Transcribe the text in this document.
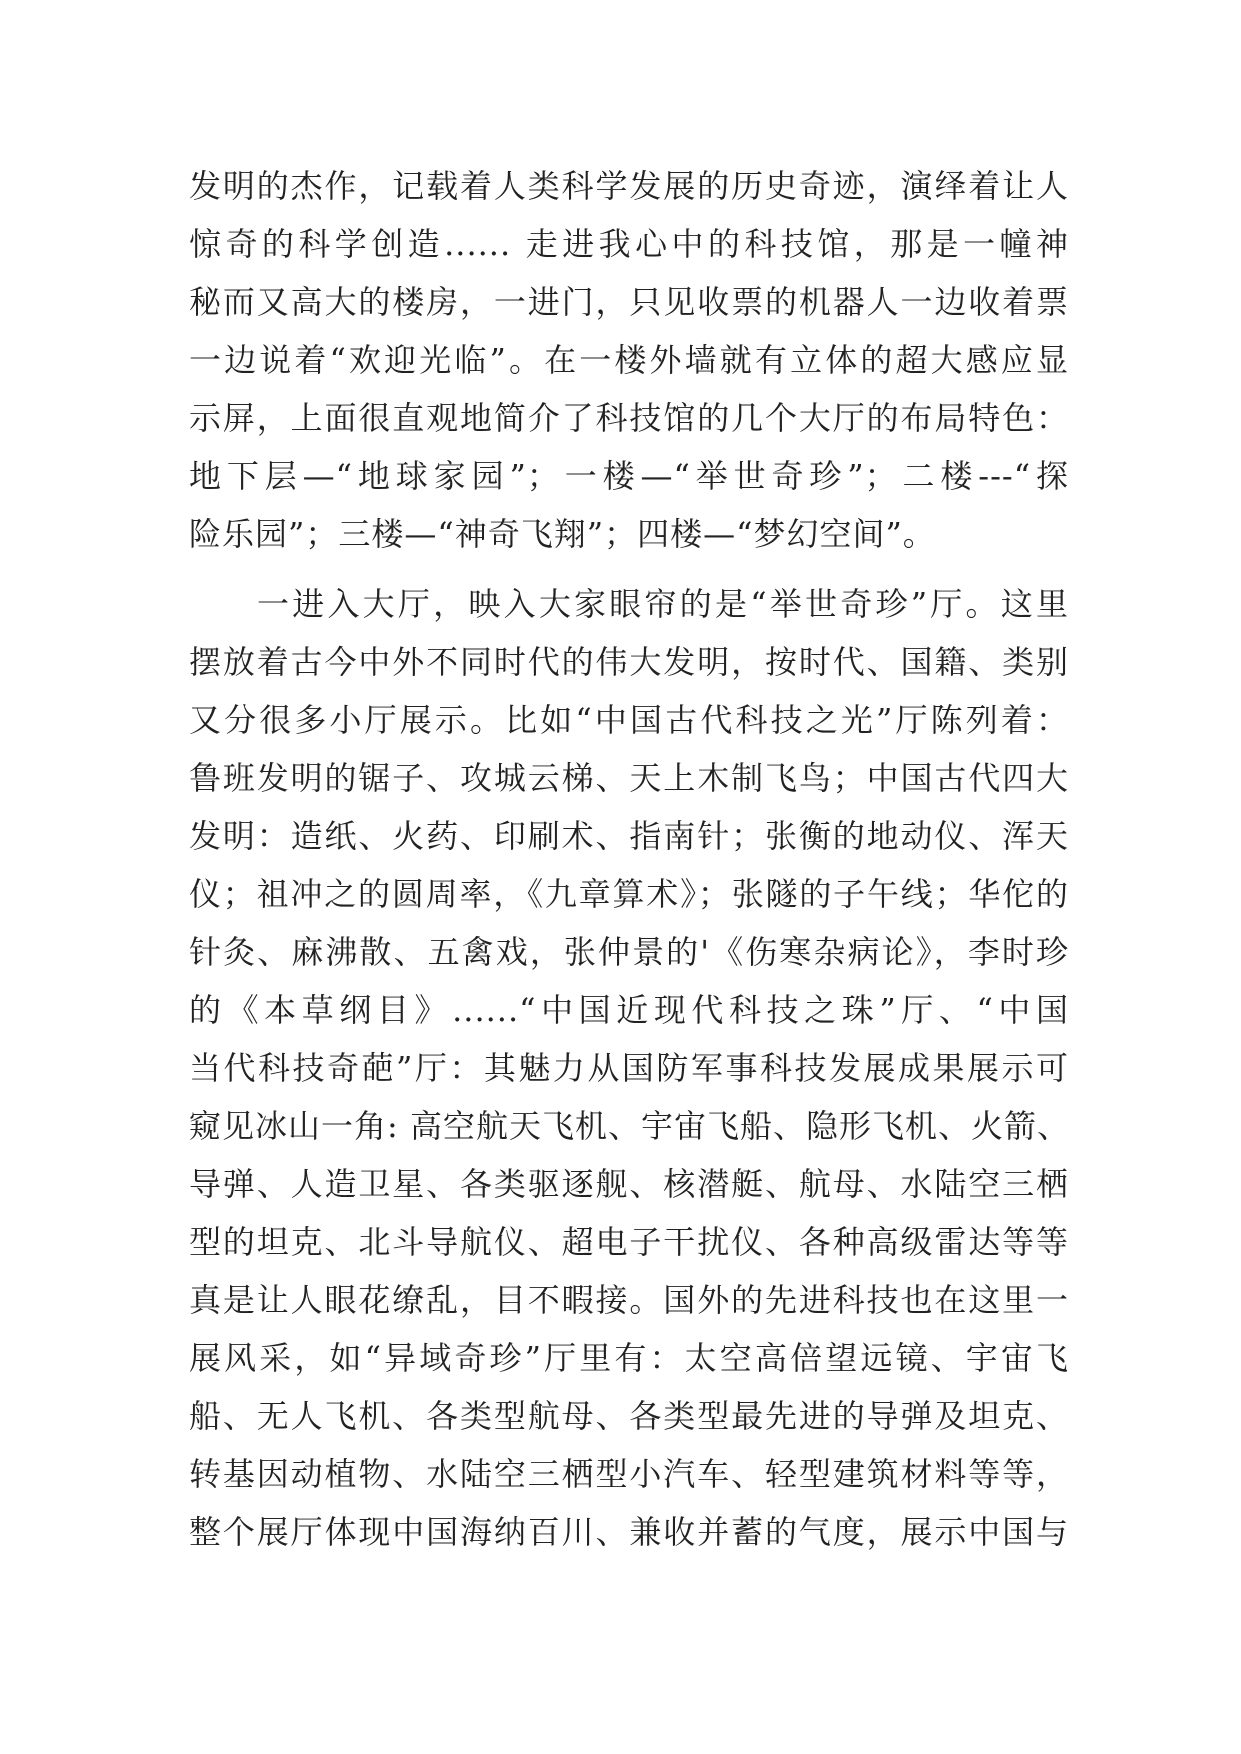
发明的杰作，记载着人类科学发展的历史奇迹，演绎着让人
惊奇的科学创造...... 走进我心中的科技馆，那是一幢神
秘而又高大的楼房，一进门，只见收票的机器人一边收着票
一边说着“欢迎光临”。在一楼外墙就有立体的超大感应显
示屏，上面很直观地简介了科技馆的几个大厅的布局特色：
地下层—“地球家园”；一楼—“举世奇珍”；二楼---“探
险乐园”；三楼—“神奇飞翔”；四楼—“梦幻空间”。
一进入大厅，映入大家眼帘的是“举世奇珍”厅。这里
摆放着古今中外不同时代的伟大发明，按时代、国籍、类别
又分很多小厅展示。比如“中国古代科技之光”厅陈列着：
鲁班发明的锯子、攻城云梯、天上木制飞鸟；中国古代四大
发明：造纸、火药、印刷术、指南针；张衡的地动仪、浑天
仪；祖冲之的圆周率，《九章算术》；张隧的子午线；华佗的
针灸、麻沸散、五禽戏，张仲景的'《伤寒杂病论》，李时珍
的《本草纲目》......“中国近现代科技之珠”厅、“中国
当代科技奇葩”厅：其魅力从国防军事科技发展成果展示可
窥见冰山一角: 高空航天飞机、宇宙飞船、隐形飞机、火箭、
导弹、人造卫星、各类驱逐舰、核潜艇、航母、水陆空三栖
型的坦克、北斗导航仪、超电子干扰仪、各种高级雷达等等
真是让人眼花缭乱，目不暇接。国外的先进科技也在这里一
展风采，如“异域奇珍”厅里有：太空高倍望远镜、宇宙飞
船、无人飞机、各类型航母、各类型最先进的导弹及坦克、
转基因动植物、水陆空三栖型小汽车、轻型建筑材料等等，
整个展厅体现中国海纳百川、兼收并蓄的气度，展示中国与
